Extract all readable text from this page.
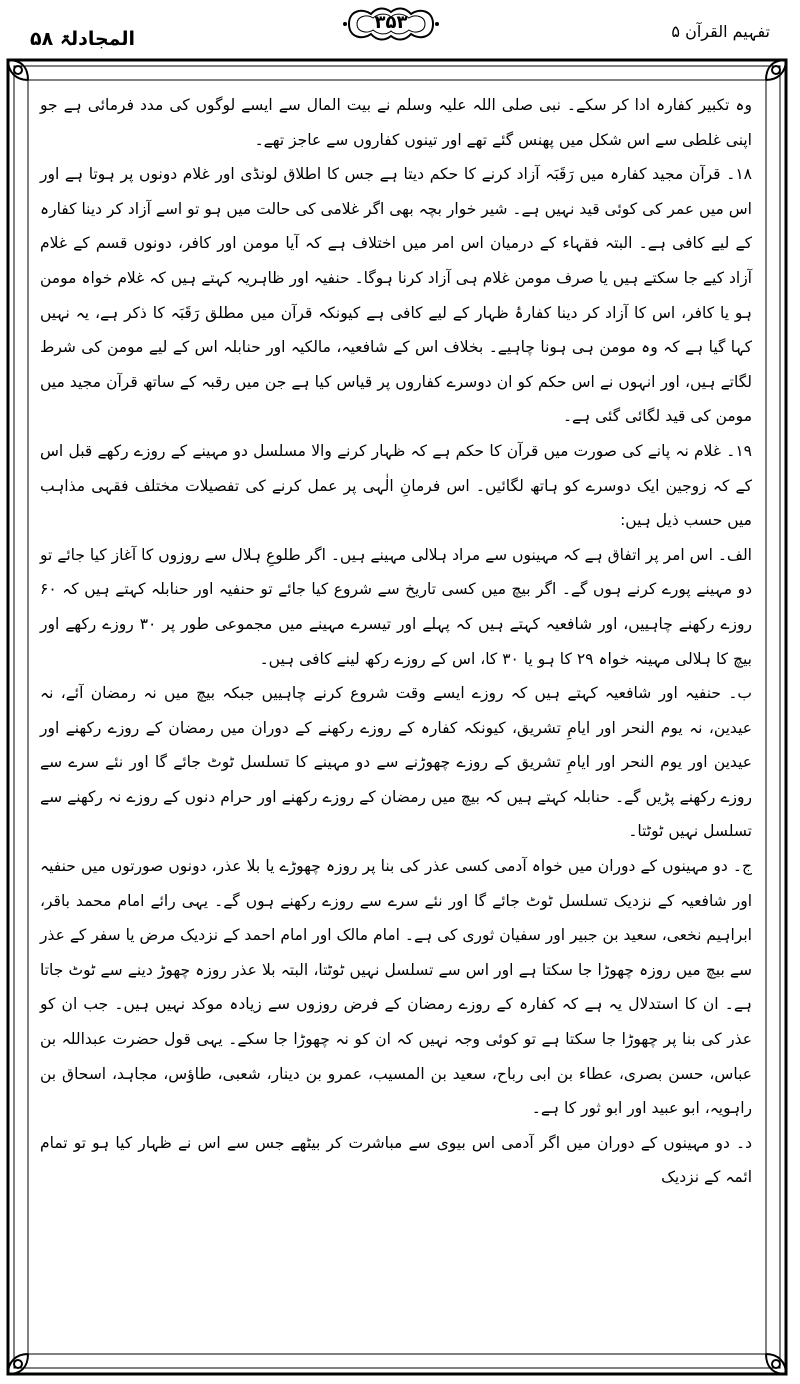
المجادلۃ ۵۸
۳۵۳	تفہیم القرآن ۵

وہ تکبیر کفارہ ادا کر سکے۔ نبی صلی اللہ علیہ وسلم نے بیت المال سے ایسے لوگوں کی مدد فرمائی ہے جو اپنی غلطی سے اس شکل میں پھنس گئے تھے اور تینوں کفاروں سے عاجز تھے۔

۱۸۔ قرآن مجید کفارہ میں رَقَبَہ آزاد کرنے کا حکم دیتا ہے جس کا اطلاق لونڈی اور غلام دونوں پر ہوتا ہے اور اس میں عمر کی کوئی قید نہیں ہے۔ شیر خوار بچہ بھی اگر غلامی کی حالت میں ہو تو اسے آزاد کر دینا کفارہ کے لیے کافی ہے۔ البتہ فقہاء کے درمیان اس امر میں اختلاف ہے کہ آیا مومن اور کافر، دونوں قسم کے غلام آزاد کیے جا سکتے ہیں یا صرف مومن غلام ہی آزاد کرنا ہوگا۔ حنفیہ اور ظاہریہ کہتے ہیں کہ غلام خواہ مومن ہو یا کافر، اس کا آزاد کر دینا کفارۂ ظہار کے لیے کافی ہے کیونکہ قرآن میں مطلق رَقَبَہ کا ذکر ہے، یہ نہیں کہا گیا ہے کہ وہ مومن ہی ہونا چاہیے۔ بخلاف اس کے شافعیہ، مالکیہ اور حنابلہ اس کے لیے مومن کی شرط لگاتے ہیں، اور انہوں نے اس حکم کو ان دوسرے کفاروں پر قیاس کیا ہے جن میں رقبہ کے ساتھ قرآن مجید میں مومن کی قید لگائی گئی ہے۔

۱۹۔ غلام نہ پانے کی صورت میں قرآن کا حکم ہے کہ ظہار کرنے والا مسلسل دو مہینے کے روزے رکھے قبل اس کے کہ زوجین ایک دوسرے کو ہاتھ لگائیں۔ اس فرمانِ الٰہی پر عمل کرنے کی تفصیلات مختلف فقہی مذاہب میں حسب ذیل ہیں:

الف۔ اس امر پر اتفاق ہے کہ مہینوں سے مراد ہلالی مہینے ہیں۔ اگر طلوعِ ہلال سے روزوں کا آغاز کیا جائے تو دو مہینے پورے کرنے ہوں گے۔ اگر بیچ میں کسی تاریخ سے شروع کیا جائے تو حنفیہ اور حنابلہ کہتے ہیں کہ ۶۰ روزے رکھنے چاہییں، اور شافعیہ کہتے ہیں کہ پہلے اور تیسرے مہینے میں مجموعی طور پر ۳۰ روزے رکھے اور بیچ کا ہلالی مہینہ خواہ ۲۹ کا ہو یا ۳۰ کا، اس کے روزے رکھ لینے کافی ہیں۔

ب۔ حنفیہ اور شافعیہ کہتے ہیں کہ روزے ایسے وقت شروع کرنے چاہییں جبکہ بیچ میں نہ رمضان آئے، نہ عیدین، نہ یوم النحر اور ایامِ تشریق، کیونکہ کفارہ کے روزے رکھنے کے دوران میں رمضان کے روزے رکھنے اور عیدین اور یوم النحر اور ایامِ تشریق کے روزے چھوڑنے سے دو مہینے کا تسلسل ٹوٹ جائے گا اور نئے سرے سے روزے رکھنے پڑیں گے۔ حنابلہ کہتے ہیں کہ بیچ میں رمضان کے روزے رکھنے اور حرام دنوں کے روزے نہ رکھنے سے تسلسل نہیں ٹوٹتا۔

ج۔ دو مہینوں کے دوران میں خواہ آدمی کسی عذر کی بنا پر روزہ چھوڑے یا بلا عذر، دونوں صورتوں میں حنفیہ اور شافعیہ کے نزدیک تسلسل ٹوٹ جائے گا اور نئے سرے سے روزے رکھنے ہوں گے۔ یہی رائے امام محمد باقر، ابراہیم نخعی، سعید بن جبیر اور سفیان ثوری کی ہے۔ امام مالک اور امام احمد کے نزدیک مرض یا سفر کے عذر سے بیچ میں روزہ چھوڑا جا سکتا ہے اور اس سے تسلسل نہیں ٹوٹتا، البتہ بلا عذر روزہ چھوڑ دینے سے ٹوٹ جاتا ہے۔ ان کا استدلال یہ ہے کہ کفارہ کے روزے رمضان کے فرض روزوں سے زیادہ موکد نہیں ہیں۔ جب ان کو عذر کی بنا پر چھوڑا جا سکتا ہے تو کوئی وجہ نہیں کہ ان کو نہ چھوڑا جا سکے۔ یہی قول حضرت عبداللہ بن عباس، حسن بصری، عطاء بن ابی رباح، سعید بن المسیب، عمرو بن دینار، شعبی، طاؤس، مجاہد، اسحاق بن راہویہ، ابو عبید اور ابو ثور کا ہے۔

د۔ دو مہینوں کے دوران میں اگر آدمی اس بیوی سے مباشرت کر بیٹھے جس سے اس نے ظہار کیا ہو تو تمام ائمہ کے نزدیک
